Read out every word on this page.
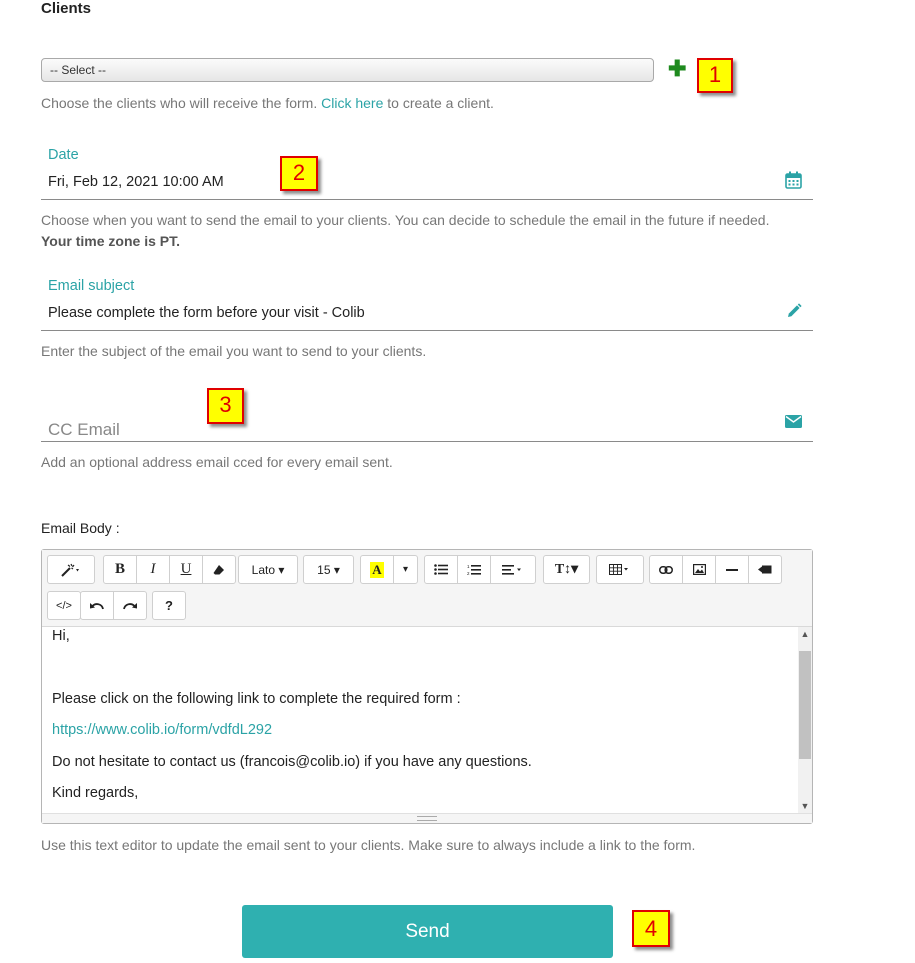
Clients
-- Select --	✚	1
Choose the clients who will receive the form. Click here to create a client.
Date
Fri, Feb 12, 2021 10:00 AM	2
Choose when you want to send the email to your clients. You can decide to schedule the email in the future if needed.
Your time zone is PT.
Email subject
Please complete the form before your visit - Colib
Enter the subject of the email you want to send to your clients.
3
CC Email
Add an optional address email cced for every email sent.
Email Body :
B	I	U	Lato ▾	15 ▾	A	▾	1
2	T↕▾
</>	?
Hi,
Please click on the following link to complete the required form :
https://www.colib.io/form/vdfdL292
Do not hesitate to contact us (francois@colib.io) if you have any questions.
Kind regards,
▲
▼
Use this text editor to update the email sent to your clients. Make sure to always include a link to the form.
Send	4
